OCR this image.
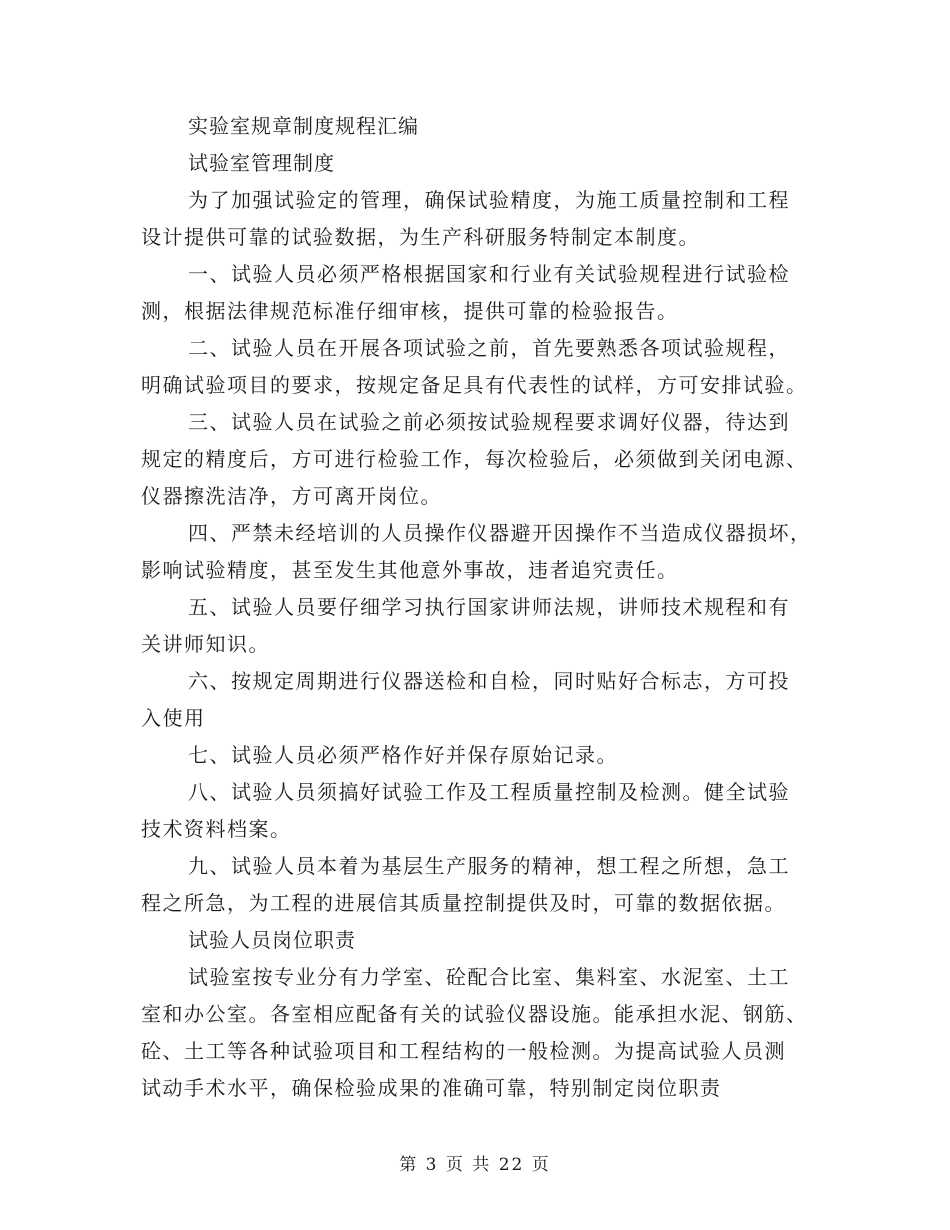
实验室规章制度规程汇编

试验室管理制度

为了加强试验定的管理，确保试验精度，为施工质量控制和工程
设计提供可靠的试验数据，为生产科研服务特制定本制度。

一、试验人员必须严格根据国家和行业有关试验规程进行试验检
测，根据法律规范标准仔细审核，提供可靠的检验报告。

二、试验人员在开展各项试验之前，首先要熟悉各项试验规程，
明确试验项目的要求，按规定备足具有代表性的试样，方可安排试验。

三、试验人员在试验之前必须按试验规程要求调好仪器，待达到
规定的精度后，方可进行检验工作，每次检验后，必须做到关闭电源、
仪器擦洗洁净，方可离开岗位。

四、严禁未经培训的人员操作仪器避开因操作不当造成仪器损坏，
影响试验精度，甚至发生其他意外事故，违者追究责任。

五、试验人员要仔细学习执行国家讲师法规，讲师技术规程和有
关讲师知识。

六、按规定周期进行仪器送检和自检，同时贴好合标志，方可投
入使用

七、试验人员必须严格作好并保存原始记录。

八、试验人员须搞好试验工作及工程质量控制及检测。健全试验
技术资料档案。

九、试验人员本着为基层生产服务的精神，想工程之所想，急工
程之所急，为工程的进展信其质量控制提供及时，可靠的数据依据。

试验人员岗位职责

试验室按专业分有力学室、砼配合比室、集料室、水泥室、土工
室和办公室。各室相应配备有关的试验仪器设施。能承担水泥、钢筋、
砼、土工等各种试验项目和工程结构的一般检测。为提高试验人员测
试动手术水平，确保检验成果的准确可靠，特别制定岗位职责

第 3 页 共 22 页
